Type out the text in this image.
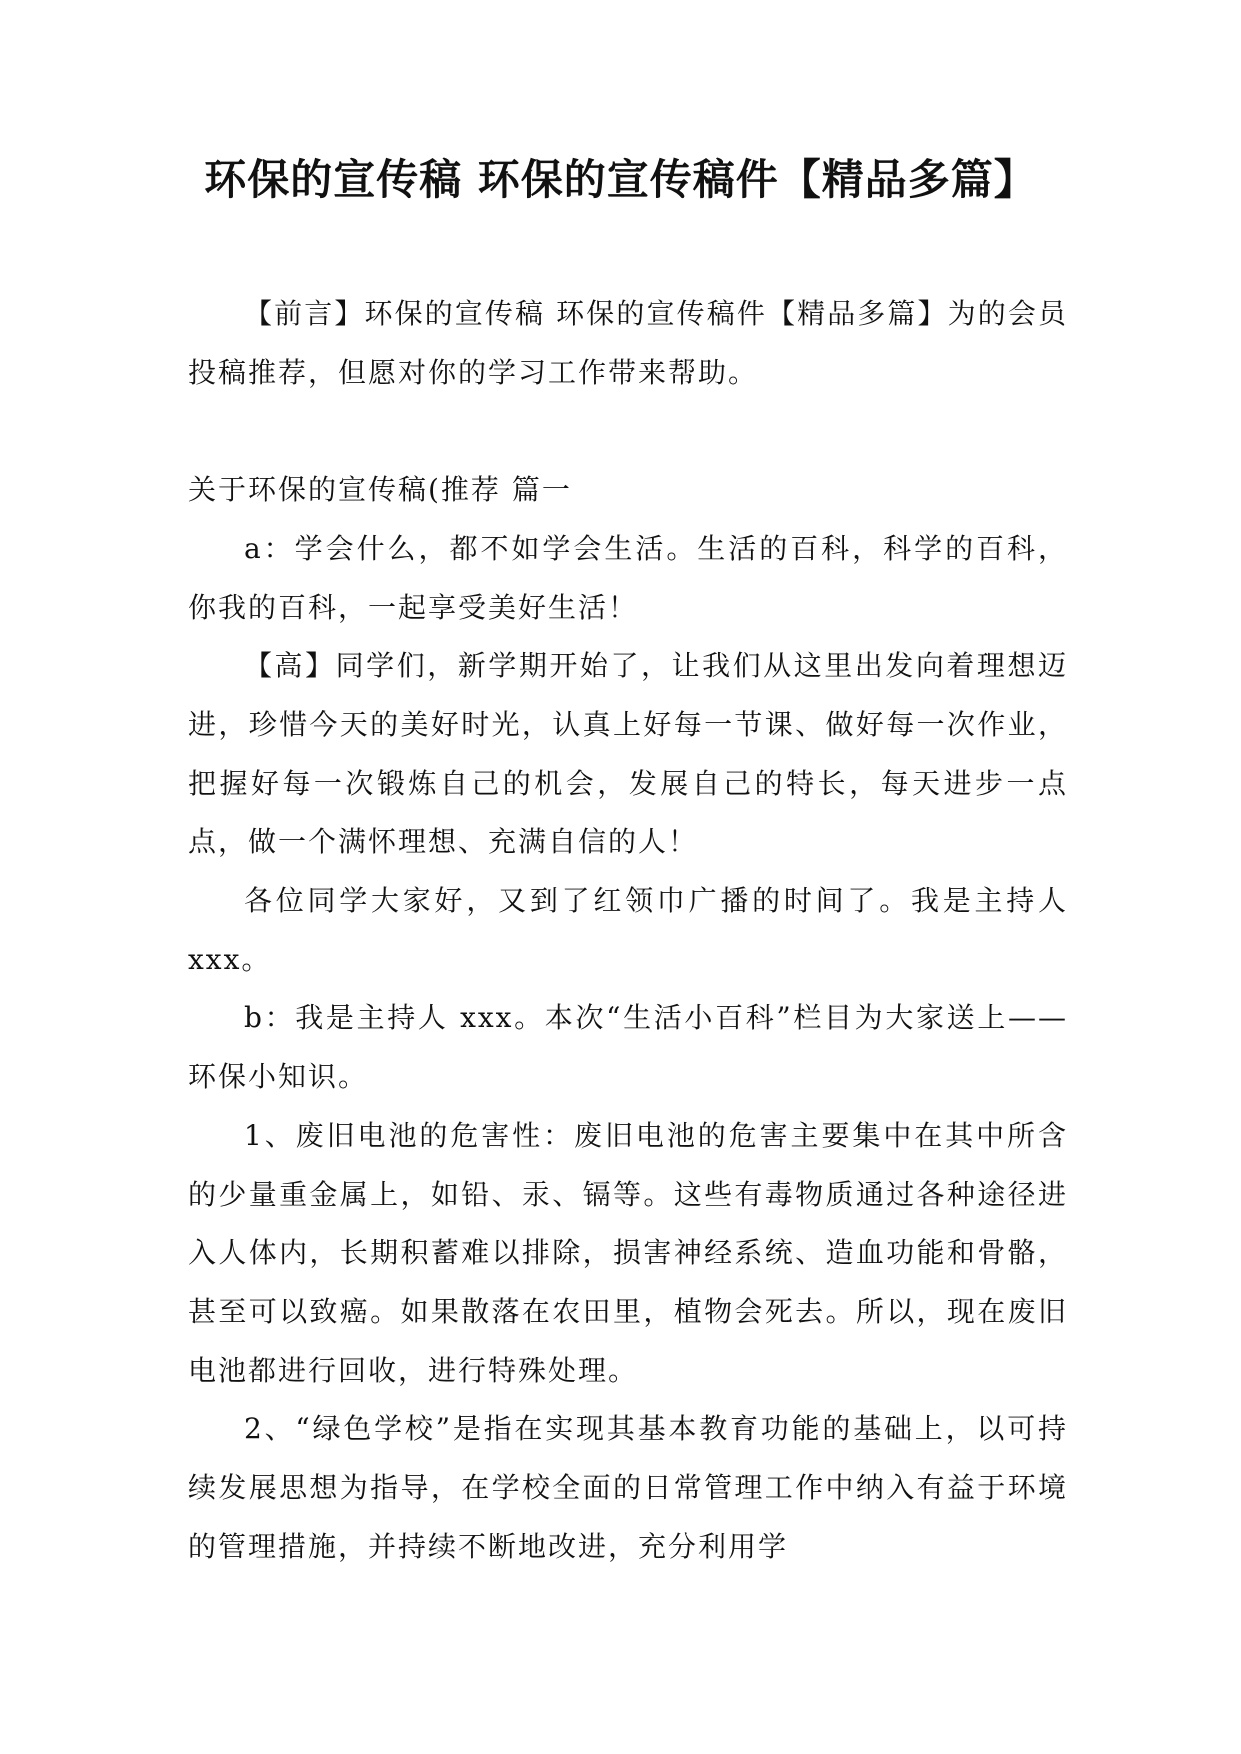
环保的宣传稿 环保的宣传稿件【精品多篇】

【前言】环保的宣传稿 环保的宣传稿件【精品多篇】为的会员投稿推荐，但愿对你的学习工作带来帮助。

关于环保的宣传稿(推荐 篇一

a：学会什么，都不如学会生活。生活的百科，科学的百科，你我的百科，一起享受美好生活！

【高】同学们，新学期开始了，让我们从这里出发向着理想迈进，珍惜今天的美好时光，认真上好每一节课、做好每一次作业，把握好每一次锻炼自己的机会，发展自己的特长，每天进步一点点，做一个满怀理想、充满自信的人！

各位同学大家好，又到了红领巾广播的时间了。我是主持人 xxx。

b：我是主持人 xxx。本次“生活小百科”栏目为大家送上——环保小知识。

1、废旧电池的危害性：废旧电池的危害主要集中在其中所含的少量重金属上，如铅、汞、镉等。这些有毒物质通过各种途径进入人体内，长期积蓄难以排除，损害神经系统、造血功能和骨骼，甚至可以致癌。如果散落在农田里，植物会死去。所以，现在废旧电池都进行回收，进行特殊处理。

2、“绿色学校”是指在实现其基本教育功能的基础上，以可持续发展思想为指导，在学校全面的日常管理工作中纳入有益于环境的管理措施，并持续不断地改进，充分利用学
